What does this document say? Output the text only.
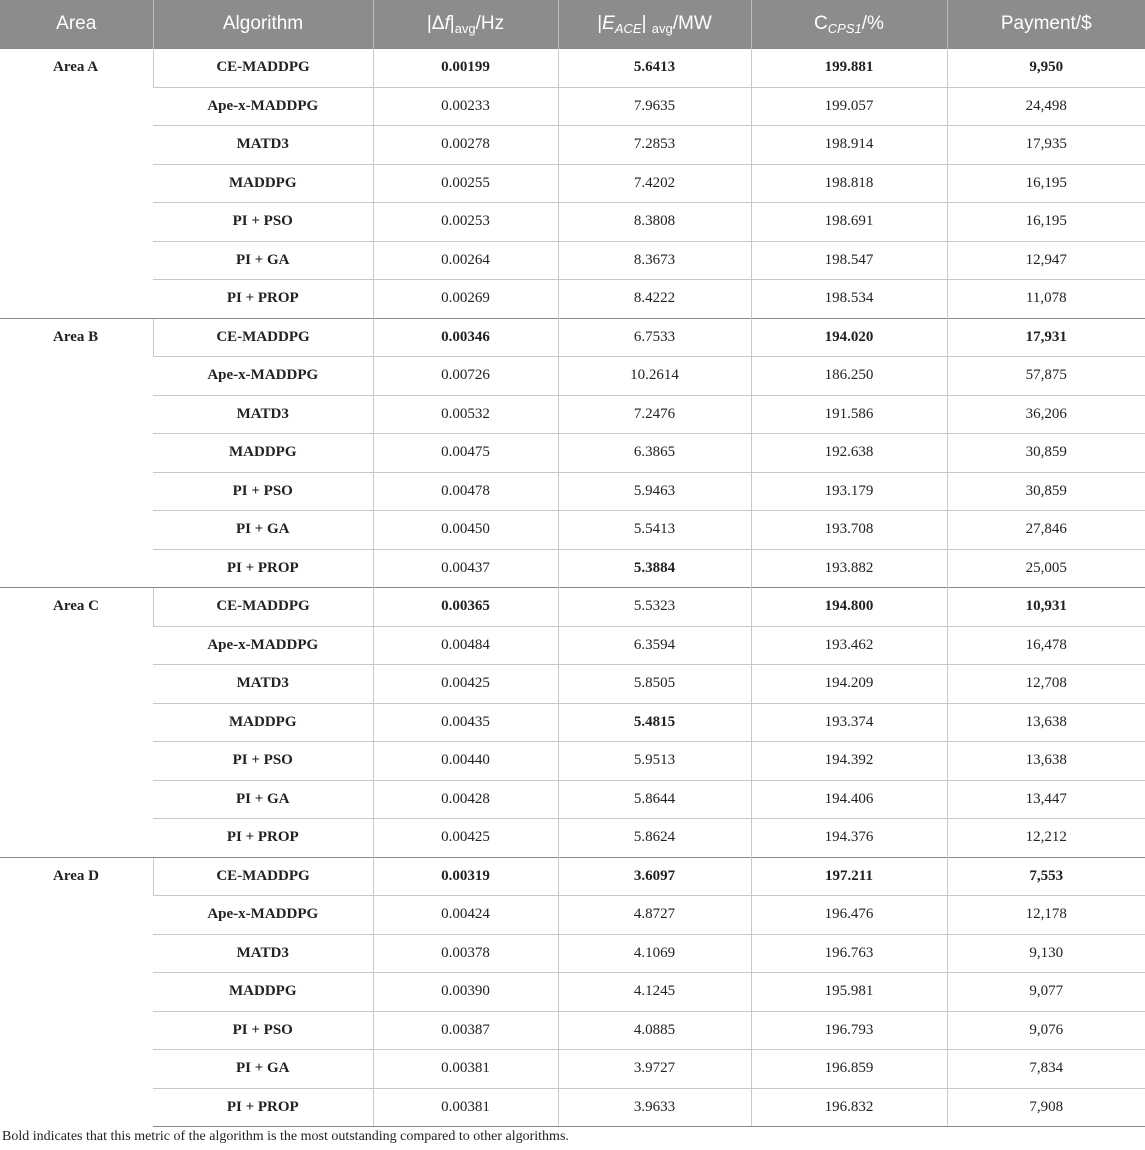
Area	Algorithm	$|\Delta f|_{avg}/Hz$	$|E_{ACE}|$ $_{avg}$/MW	$C_{CPS1}/\%$	Payment/$
Area A	CE-MADDPG	0.00199	5.6413	199.881	9,950
	Ape-x-MADDPG	0.00233	7.9635	199.057	24,498
	MATD3	0.00278	7.2853	198.914	17,935
	MADDPG	0.00255	7.4202	198.818	16,195
	PI + PSO	0.00253	8.3808	198.691	16,195
	PI + GA	0.00264	8.3673	198.547	12,947
	PI + PROP	0.00269	8.4222	198.534	11,078
Area B	CE-MADDPG	0.00346	6.7533	194.020	17,931
	Ape-x-MADDPG	0.00726	10.2614	186.250	57,875
	MATD3	0.00532	7.2476	191.586	36,206
	MADDPG	0.00475	6.3865	192.638	30,859
	PI + PSO	0.00478	5.9463	193.179	30,859
	PI + GA	0.00450	5.5413	193.708	27,846
	PI + PROP	0.00437	5.3884	193.882	25,005
Area C	CE-MADDPG	0.00365	5.5323	194.800	10,931
	Ape-x-MADDPG	0.00484	6.3594	193.462	16,478
	MATD3	0.00425	5.8505	194.209	12,708
	MADDPG	0.00435	5.4815	193.374	13,638
	PI + PSO	0.00440	5.9513	194.392	13,638
	PI + GA	0.00428	5.8644	194.406	13,447
	PI + PROP	0.00425	5.8624	194.376	12,212
Area D	CE-MADDPG	0.00319	3.6097	197.211	7,553
	Ape-x-MADDPG	0.00424	4.8727	196.476	12,178
	MATD3	0.00378	4.1069	196.763	9,130
	MADDPG	0.00390	4.1245	195.981	9,077
	PI + PSO	0.00387	4.0885	196.793	9,076
	PI + GA	0.00381	3.9727	196.859	7,834
	PI + PROP	0.00381	3.9633	196.832	7,908

Bold indicates that this metric of the algorithm is the most outstanding compared to other algorithms.
